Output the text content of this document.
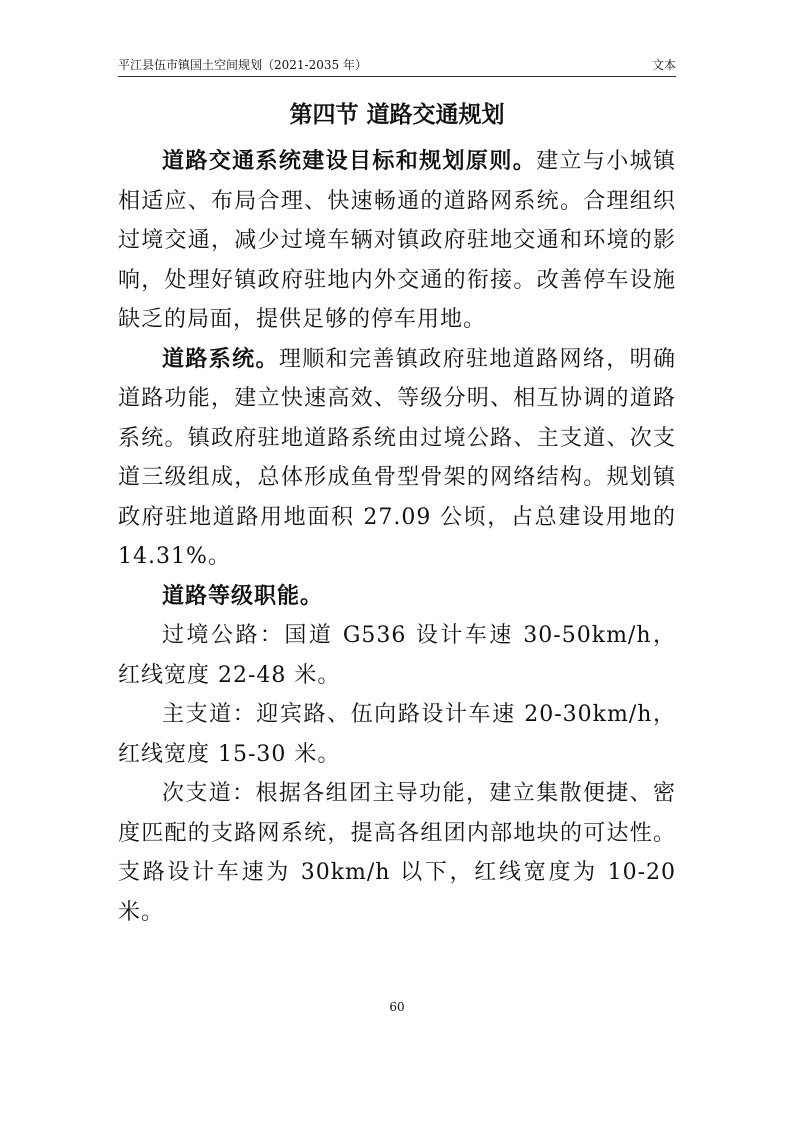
平江县伍市镇国土空间规划（2021-2035 年）	文本
第四节 道路交通规划

道路交通系统建设目标和规划原则。建立与小城镇相适应、布局合理、快速畅通的道路网系统。合理组织过境交通，减少过境车辆对镇政府驻地交通和环境的影响，处理好镇政府驻地内外交通的衔接。改善停车设施缺乏的局面，提供足够的停车用地。

道路系统。理顺和完善镇政府驻地道路网络，明确道路功能，建立快速高效、等级分明、相互协调的道路系统。镇政府驻地道路系统由过境公路、主支道、次支道三级组成，总体形成鱼骨型骨架的网络结构。规划镇政府驻地道路用地面积 27.09 公顷，占总建设用地的 14.31%。

道路等级职能。

过境公路：国道 G536 设计车速 30-50km/h，红线宽度 22-48 米。

主支道：迎宾路、伍向路设计车速 20-30km/h，红线宽度 15-30 米。

次支道：根据各组团主导功能，建立集散便捷、密度匹配的支路网系统，提高各组团内部地块的可达性。支路设计车速为 30km/h 以下，红线宽度为 10-20 米。

60
